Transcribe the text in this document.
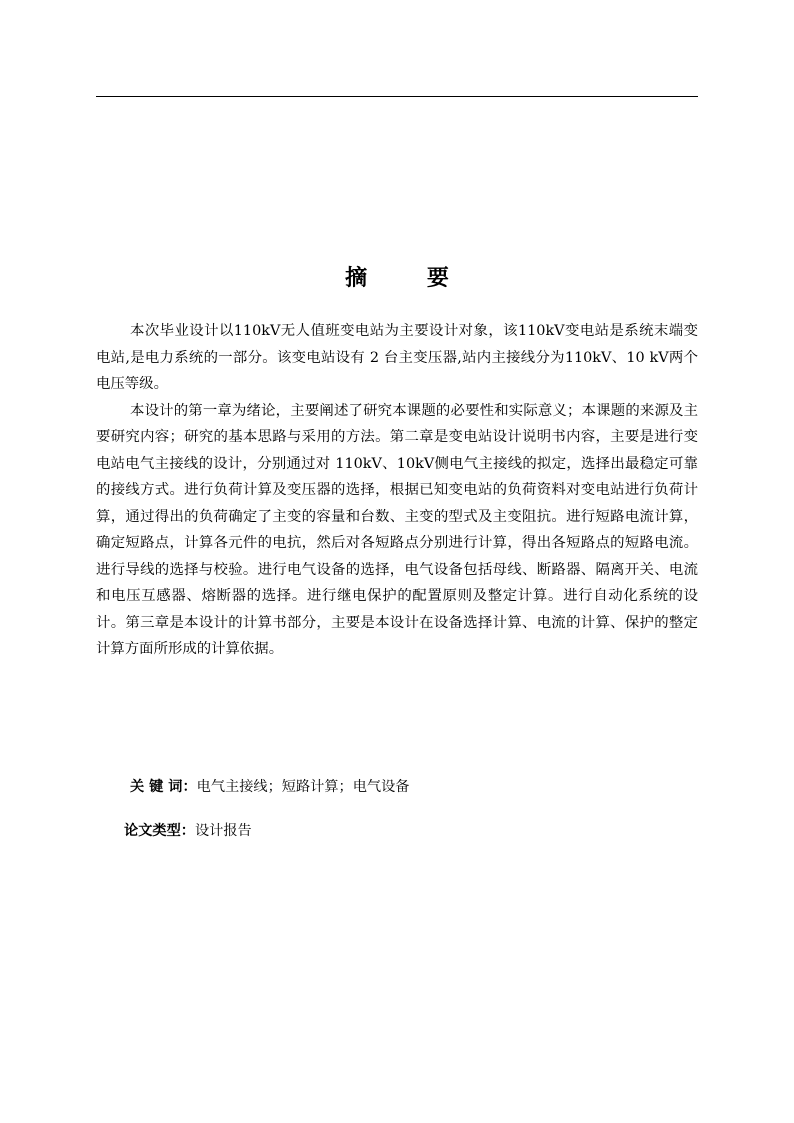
摘 要

本次毕业设计以110kV无人值班变电站为主要设计对象，该110kV变电站是系统末端变电站,是电力系统的一部分。该变电站设有 2 台主变压器,站内主接线分为110kV、10 kV两个电压等级。

本设计的第一章为绪论，主要阐述了研究本课题的必要性和实际意义；本课题的来源及主要研究内容；研究的基本思路与采用的方法。第二章是变电站设计说明书内容，主要是进行变电站电气主接线的设计，分别通过对 110kV、10kV侧电气主接线的拟定，选择出最稳定可靠的接线方式。进行负荷计算及变压器的选择，根据已知变电站的负荷资料对变电站进行负荷计算，通过得出的负荷确定了主变的容量和台数、主变的型式及主变阻抗。进行短路电流计算，确定短路点，计算各元件的电抗，然后对各短路点分别进行计算，得出各短路点的短路电流。进行导线的选择与校验。进行电气设备的选择，电气设备包括母线、断路器、隔离开关、电流和电压互感器、熔断器的选择。进行继电保护的配置原则及整定计算。进行自动化系统的设计。第三章是本设计的计算书部分，主要是本设计在设备选择计算、电流的计算、保护的整定计算方面所形成的计算依据。

关 键 词：电气主接线；短路计算；电气设备
论文类型：设计报告
